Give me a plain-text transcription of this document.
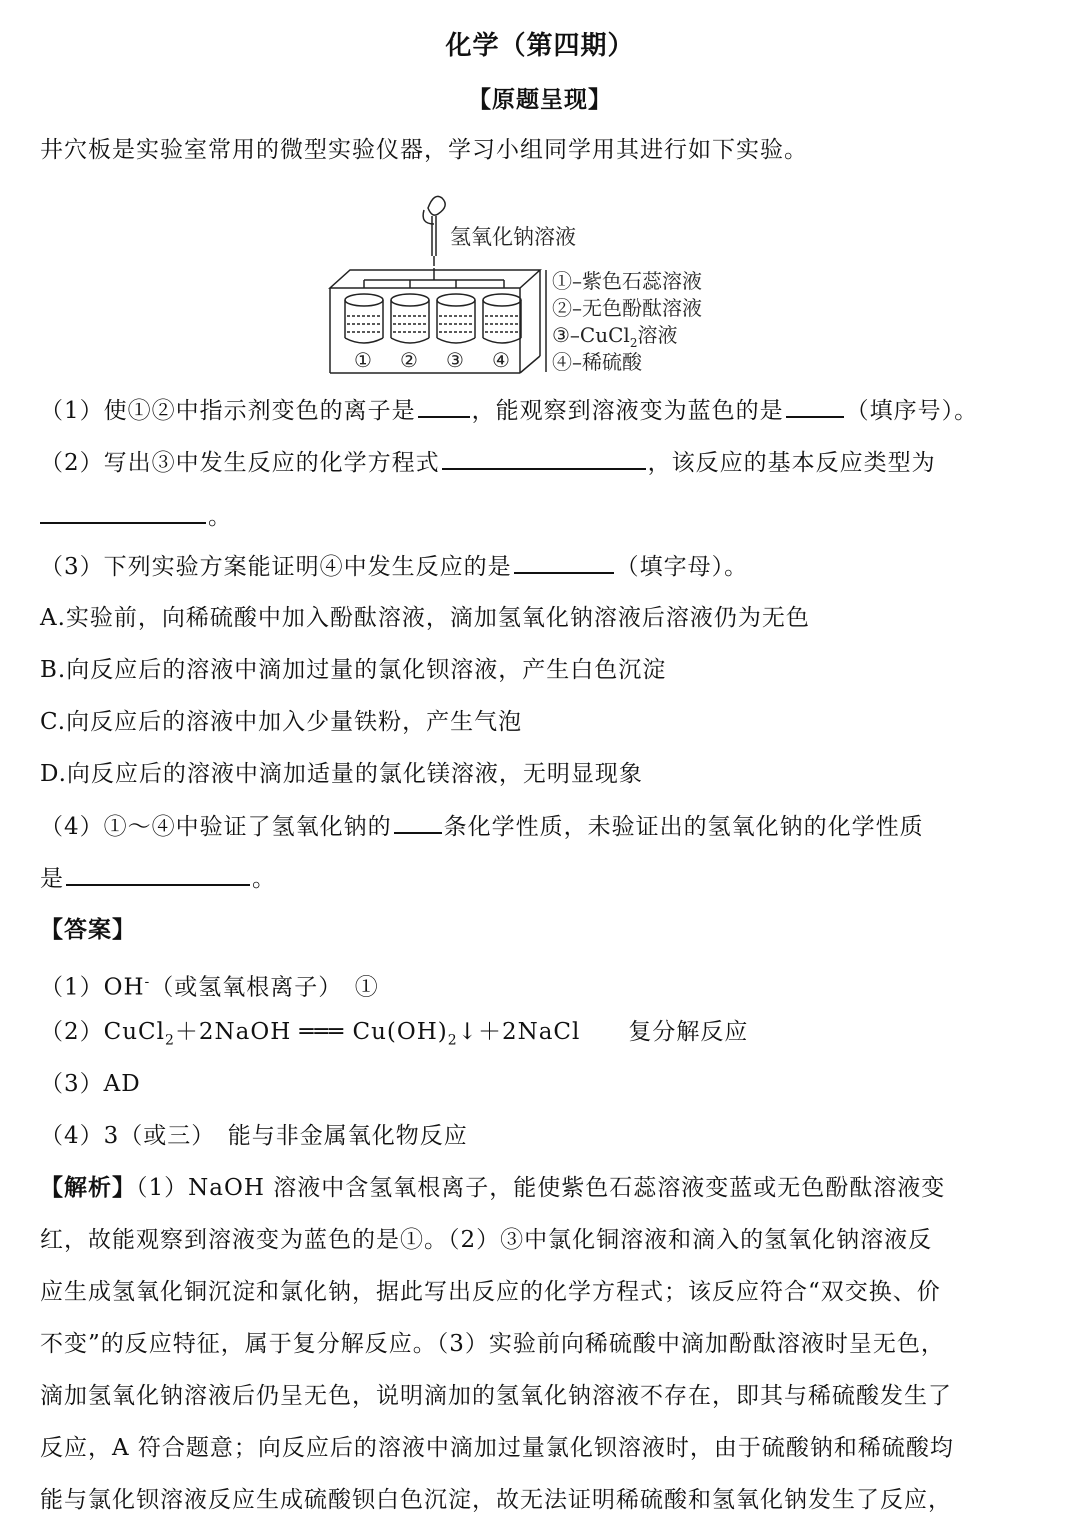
化学（第四期）
【原题呈现】
井穴板是实验室常用的微型实验仪器，学习小组同学用其进行如下实验。
氢氧化钠溶液
① ② ③ ④
①–紫色石蕊溶液
②–无色酚酞溶液
③–CuCl$_2$溶液
④–稀硫酸
（1）使①②中指示剂变色的离子是 ，能观察到溶液变为蓝色的是	（填序号）。
（2）写出③中发生反应的化学方程式	，该反应的基本反应类型为
。
（3）下列实验方案能证明④中发生反应的是	（填字母）。
A.实验前，向稀硫酸中加入酚酞溶液，滴加氢氧化钠溶液后溶液仍为无色
B.向反应后的溶液中滴加过量的氯化钡溶液，产生白色沉淀
C.向反应后的溶液中加入少量铁粉，产生气泡
D.向反应后的溶液中滴加适量的氯化镁溶液，无明显现象
（4）①～④中验证了氢氧化钠的 条化学性质，未验证出的氢氧化钠的化学性质
是	。
【答案】
（1）OH-（或氢氧根离子）　①
（2）CuCl$_2$＋2NaOH ═══ $Cu(OH)_2↓+2NaCl$　　复分解反应
（3）AD
（4）3（或三）　能与非金属氧化物反应
【解析】（1）NaOH 溶液中含氢氧根离子，能使紫色石蕊溶液变蓝或无色酚酞溶液变
红，故能观察到溶液变为蓝色的是①。（2）③中氯化铜溶液和滴入的氢氧化钠溶液反
应生成氢氧化铜沉淀和氯化钠，据此写出反应的化学方程式；该反应符合“双交换、价
不变”的反应特征，属于复分解反应。（3）实验前向稀硫酸中滴加酚酞溶液时呈无色，
滴加氢氧化钠溶液后仍呈无色，说明滴加的氢氧化钠溶液不存在，即其与稀硫酸发生了
反应，A 符合题意；向反应后的溶液中滴加过量氯化钡溶液时，由于硫酸钠和稀硫酸均
能与氯化钡溶液反应生成硫酸钡白色沉淀，故无法证明稀硫酸和氢氧化钠发生了反应，
